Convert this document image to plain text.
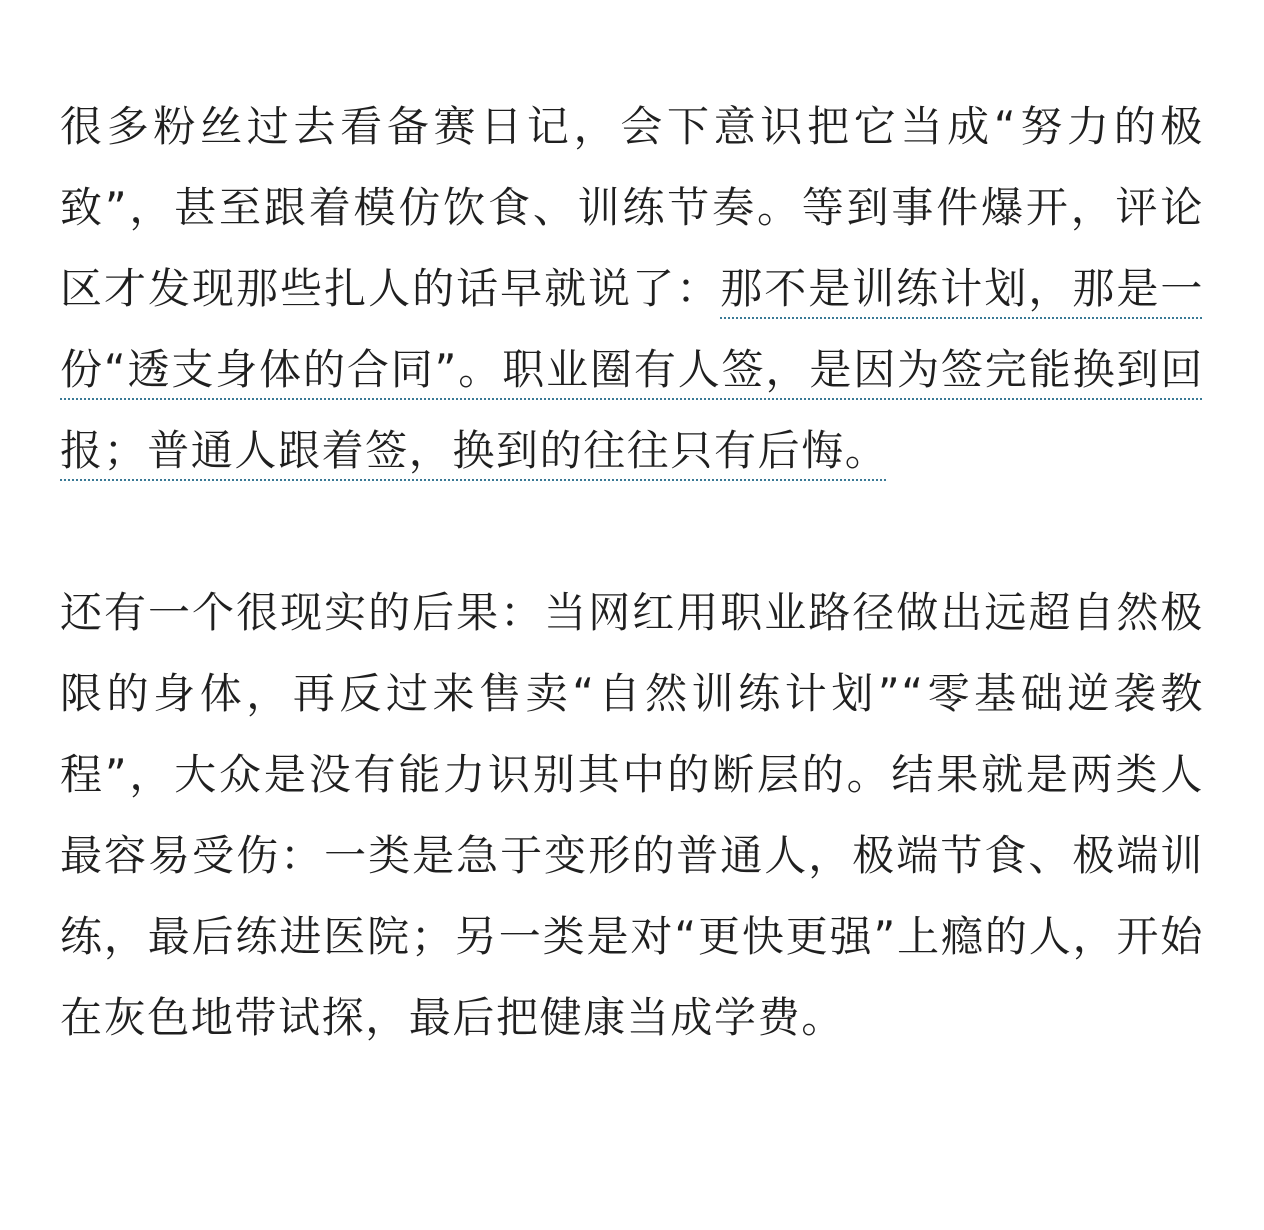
很多粉丝过去看备赛日记，会下意识把它当成“努力的极致”，甚至跟着模仿饮食、训练节奏。等到事件爆开，评论区才发现那些扎人的话早就说了：那不是训练计划，那是一份“透支身体的合同”。职业圈有人签，是因为签完能换到回报；普通人跟着签，换到的往往只有后悔。

还有一个很现实的后果：当网红用职业路径做出远超自然极限的身体，再反过来售卖“自然训练计划”“零基础逆袭教程”，大众是没有能力识别其中的断层的。结果就是两类人最容易受伤：一类是急于变形的普通人，极端节食、极端训练，最后练进医院；另一类是对“更快更强”上瘾的人，开始在灰色地带试探，最后把健康当成学费。
